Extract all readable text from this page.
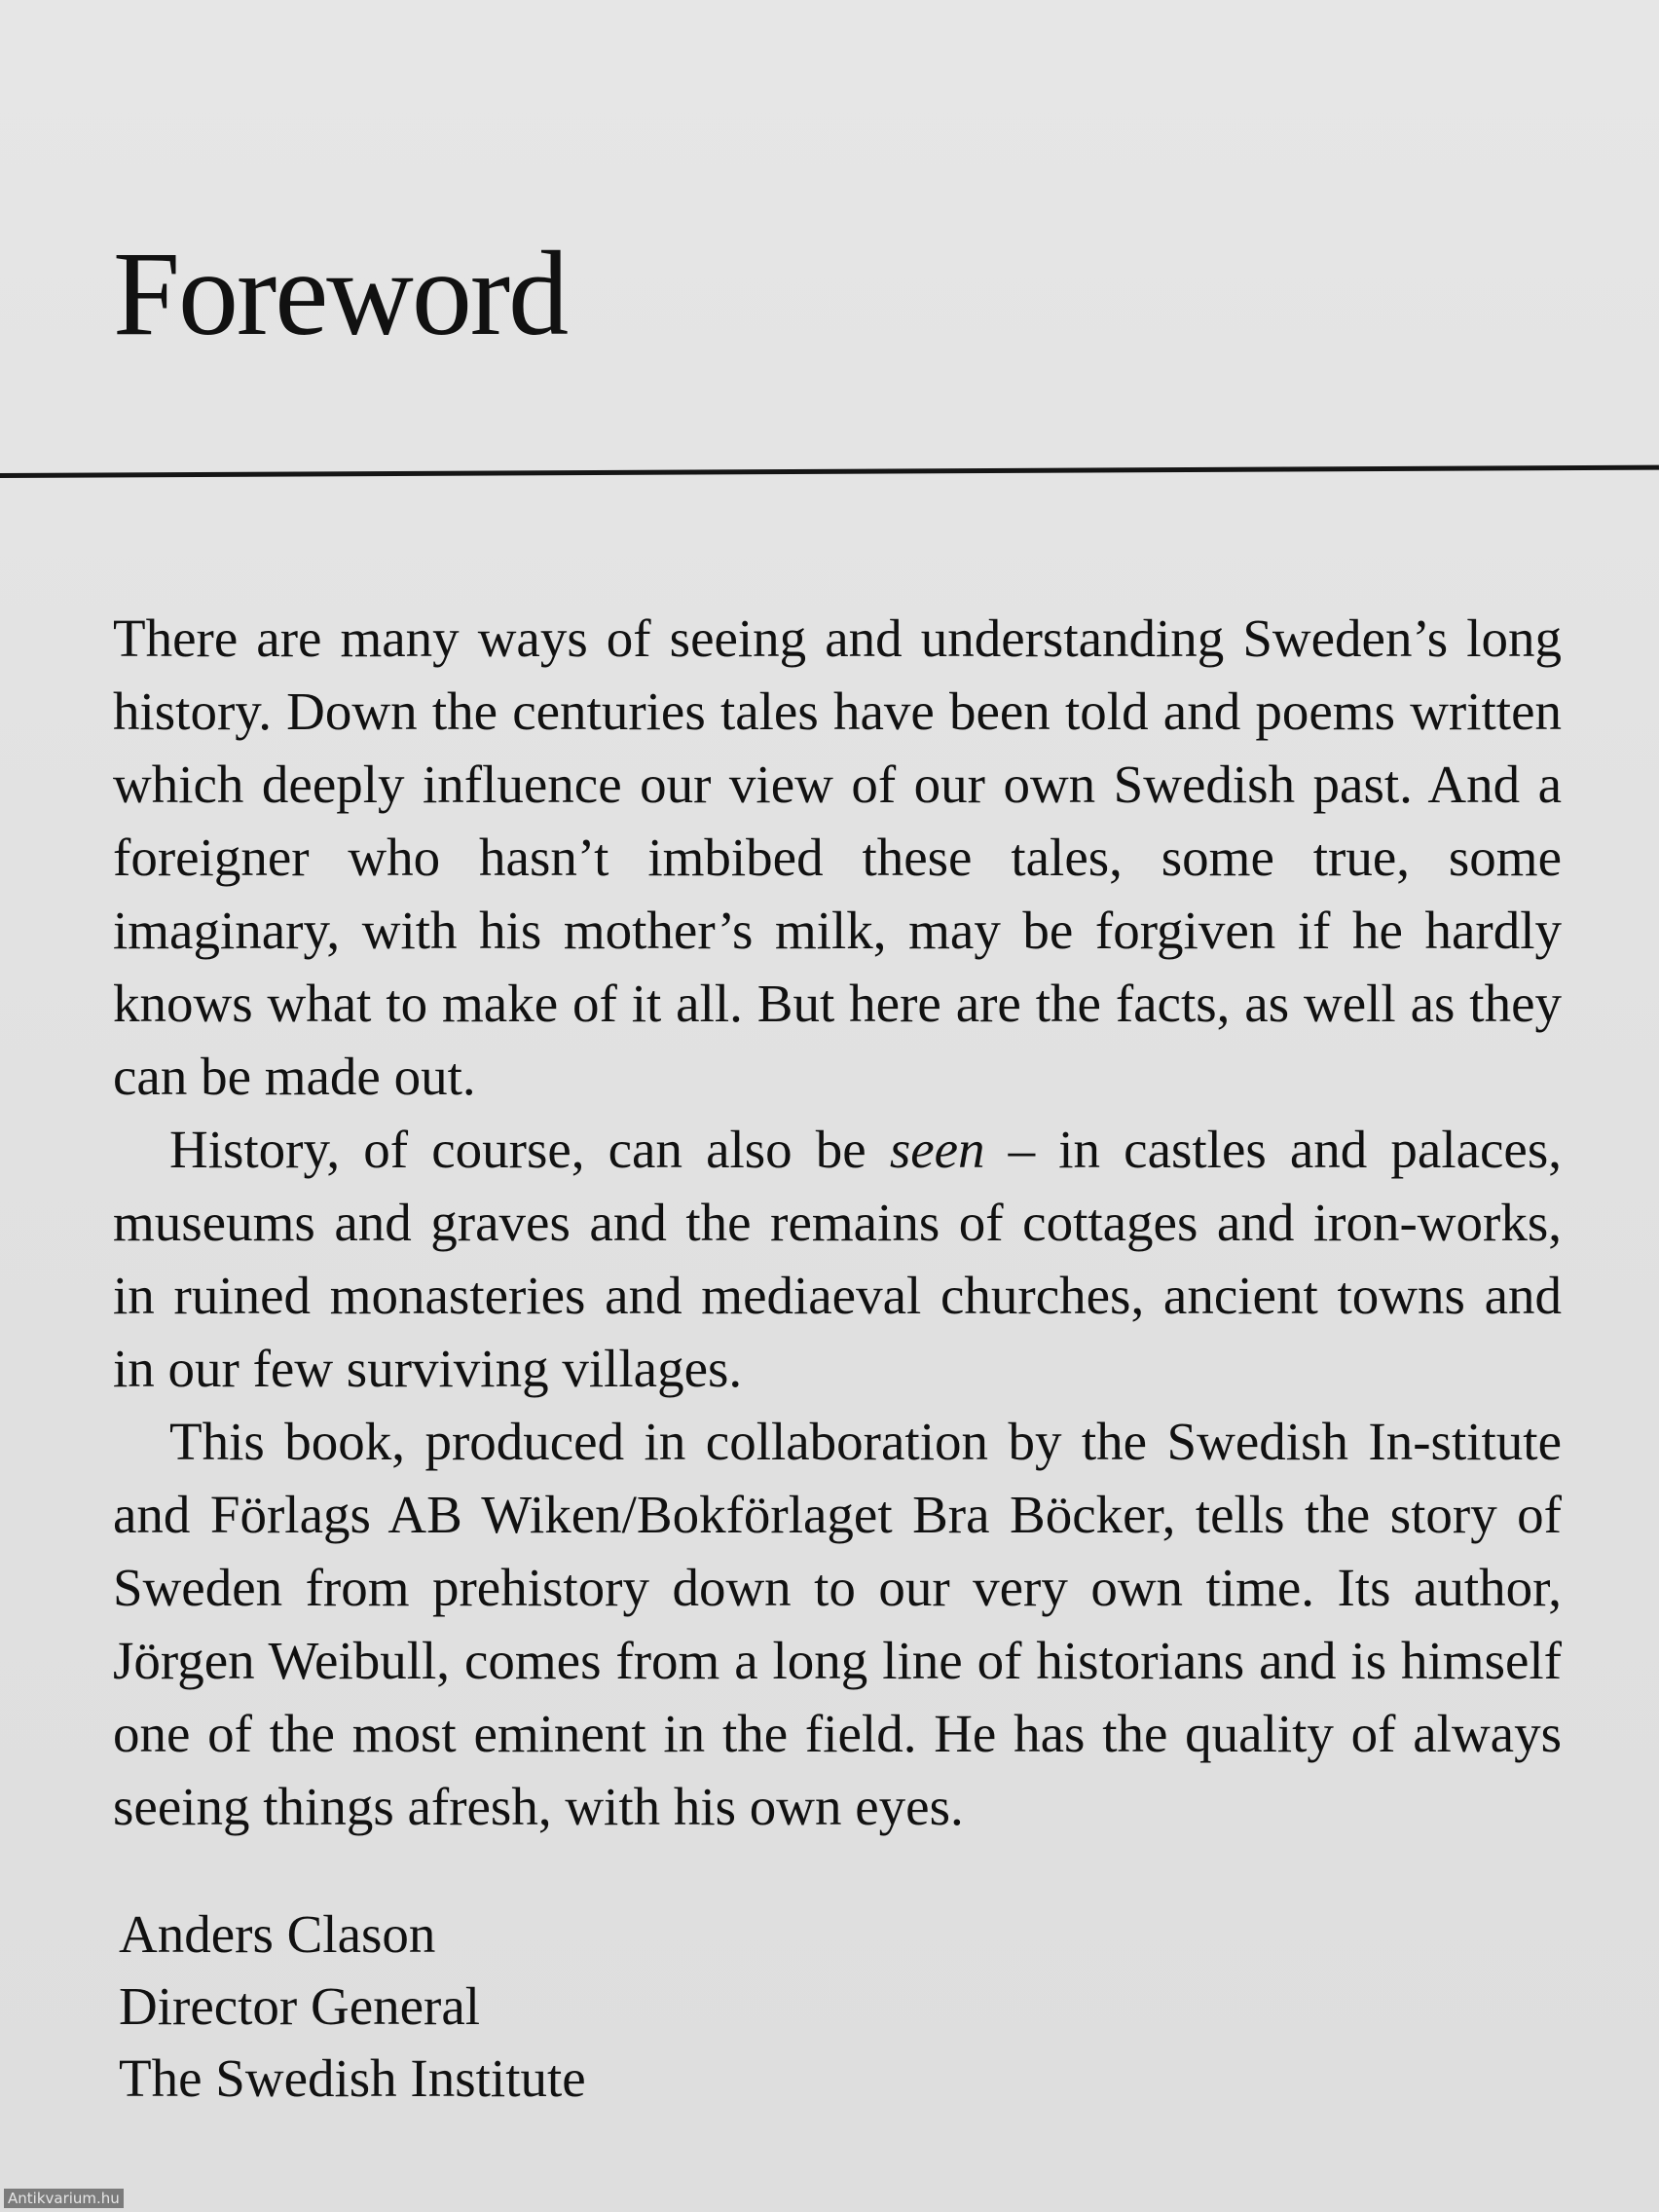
Foreword

There are many ways of seeing and understanding Sweden’s long history. Down the centuries tales have been told and poems written which deeply influence our view of our own Swedish past. And a foreigner who hasn’t imbibed these tales, some true, some imaginary, with his mother’s milk, may be forgiven if he hardly knows what to make of it all. But here are the facts, as well as they can be made out.

History, of course, can also be seen – in castles and palaces, museums and graves and the remains of cottages and iron-works, in ruined monasteries and mediaeval churches, ancient towns and in our few surviving villages.

This book, produced in collaboration by the Swedish In-stitute and Förlags AB Wiken/Bokförlaget Bra Böcker, tells the story of Sweden from prehistory down to our very own time. Its author, Jörgen Weibull, comes from a long line of historians and is himself one of the most eminent in the field. He has the quality of always seeing things afresh, with his own eyes.

Anders Clason
Director General
The Swedish Institute
Antikvarium.hu
